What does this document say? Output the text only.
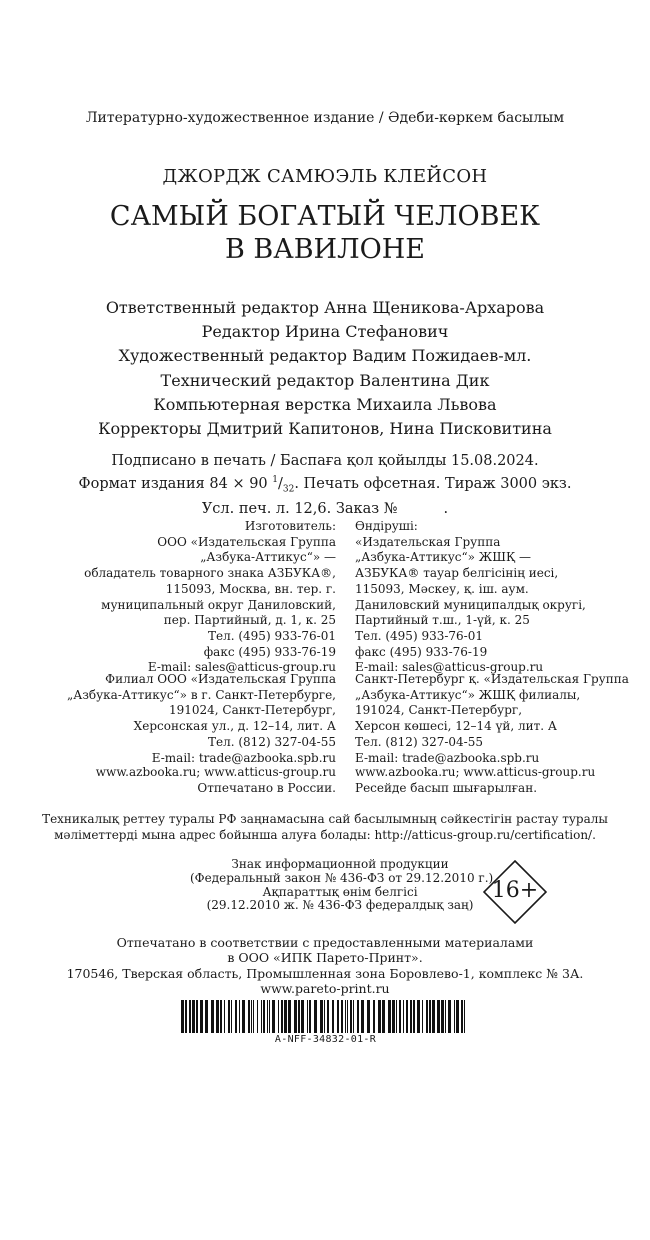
Литературно-художественное издание / Әдеби-көркем басылым
ДЖОРДЖ САМЮЭЛЬ КЛЕЙСОН
САМЫЙ БОГАТЫЙ ЧЕЛОВЕК
В ВАВИЛОНЕ
Ответственный редактор Анна Щеникова-Архарова
Редактор Ирина Стефанович
Художественный редактор Вадим Пожидаев-мл.
Технический редактор Валентина Дик
Компьютерная верстка Михаила Львова
Корректоры Дмитрий Капитонов, Нина Писковитина
Подписано в печать / Баспаға қол қойылды 15.08.2024.
Формат издания 84 × 90 $^1/_{32}$. Печать офсетная. Тираж 3000 экз.
Усл. печ. л. 12,6. Заказ №          .
Изготовитель:
ООО «Издательская Группа
„Азбука-Аттикус“» —
обладатель товарного знака АЗБУКА®,
115093, Москва, вн. тер. г.
муниципальный округ Даниловский,
пер. Партийный, д. 1, к. 25
Тел. (495) 933-76-01
факс (495) 933-76-19
E-mail: sales@atticus-group.ru
Өндіруші:
«Издательская Группа
„Азбука-Аттикус“» ЖШҚ —
АЗБУКА® тауар белгісінің иесі,
115093, Мәскеу, қ. іш. аум.
Даниловский муниципалдық округі,
Партийный т.ш., 1-үй, к. 25
Тел. (495) 933-76-01
факс (495) 933-76-19
E-mail: sales@atticus-group.ru
Филиал ООО «Издательская Группа
„Азбука-Аттикус“» в г. Санкт-Петербурге,
191024, Санкт-Петербург,
Херсонская ул., д. 12–14, лит. А
Тел. (812) 327-04-55
E-mail: trade@azbooka.spb.ru
Санкт-Петербург қ. «Издательская Группа
„Азбука-Аттикус“» ЖШҚ филиалы,
191024, Санкт-Петербург,
Херсон көшесі, 12–14 үй, лит. А
Тел. (812) 327-04-55
E-mail: trade@azbooka.spb.ru
www.azbooka.ru; www.atticus-group.ru
Отпечатано в России.
www.azbooka.ru; www.atticus-group.ru
Ресейде басып шығарылған.
Техникалық реттеу туралы РФ заңнамасына сай басылымның сәйкестігін растау туралы
мәліметтерді мына адрес бойынша алуға болады: http://atticus-group.ru/certification/.
Знак информационной продукции
(Федеральный закон № 436-ФЗ от 29.12.2010 г.)
Ақпараттық өнім белгісі
(29.12.2010 ж. № 436-ФЗ федералдық заң)
16+
Отпечатано в соответствии с предоставленными материалами
в ООО «ИПК Парето-Принт».
170546, Тверская область, Промышленная зона Боровлево-1, комплекс № 3А.
www.pareto-print.ru
A-NFF-34832-01-R
